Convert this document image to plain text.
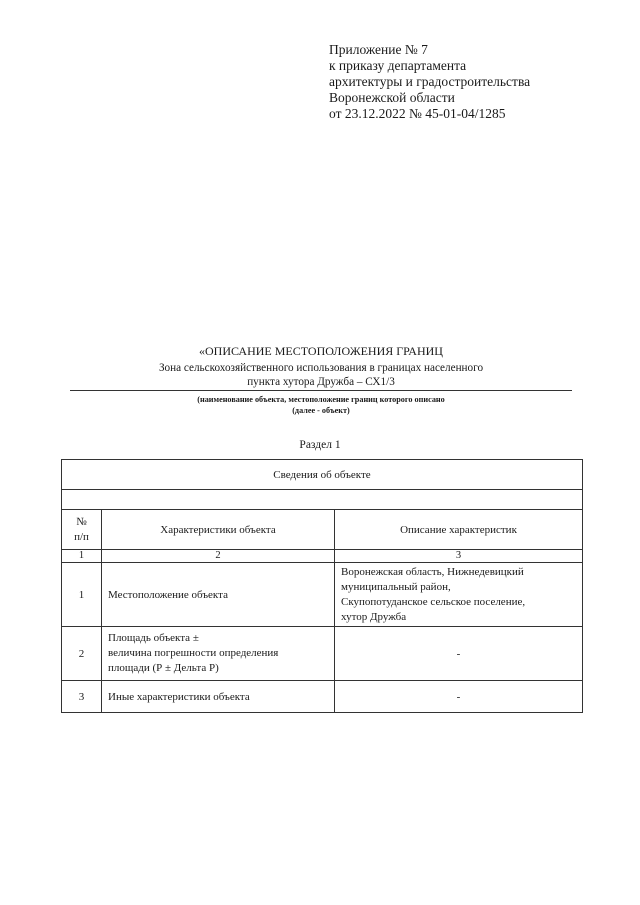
Приложение № 7
к приказу департамента
архитектуры и градостроительства
Воронежской области
от 23.12.2022 № 45-01-04/1285
«ОПИСАНИЕ МЕСТОПОЛОЖЕНИЯ ГРАНИЦ
Зона сельскохозяйственного использования в границах населенного
пункта хутора Дружба – СХ1/3
(наименование объекта, местоположение границ которого описано
(далее - объект)
Раздел 1
Сведения об объекте		

№
п/п	Характеристики объекта	Описание характеристик
1	2	3
1	Местоположение объекта	Воронежская область, Нижнедевицкий
муниципальный район,
Скупопотуданское сельское поселение,
хутор Дружба

2	Площадь объекта ±
величина погрешности определения
площади (Р ± Дельта Р)	-
3	Иные характеристики объекта	-
